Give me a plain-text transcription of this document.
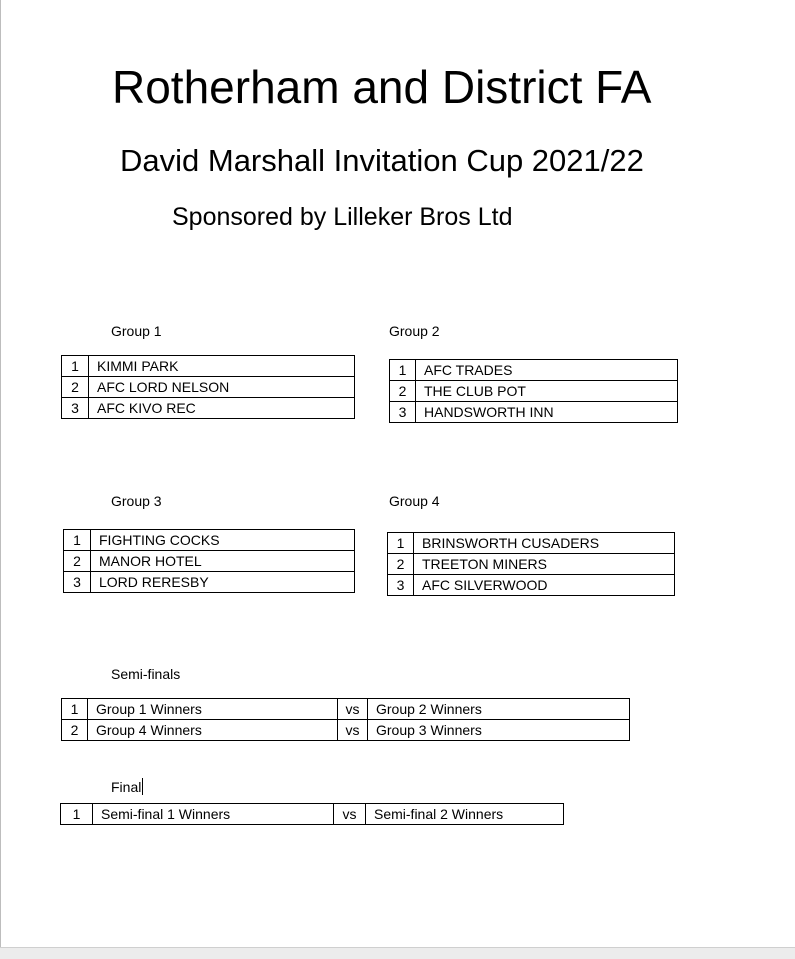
Rotherham and District FA
David Marshall Invitation Cup 2021/22
Sponsored by Lilleker Bros Ltd
Group 1
1	KIMMI PARK
2	AFC LORD NELSON
3	AFC KIVO REC
Group 2
1	AFC TRADES
2	THE CLUB POT
3	HANDSWORTH INN
Group 3
1	FIGHTING COCKS
2	MANOR HOTEL
3	LORD RERESBY
Group 4
1	BRINSWORTH CUSADERS
2	TREETON MINERS
3	AFC SILVERWOOD
Semi-finals
1	Group 1 Winners	vs	Group 2 Winners
2	Group 4 Winners	vs	Group 3 Winners
Final
1	Semi-final 1 Winners	vs	Semi-final 2 Winners
